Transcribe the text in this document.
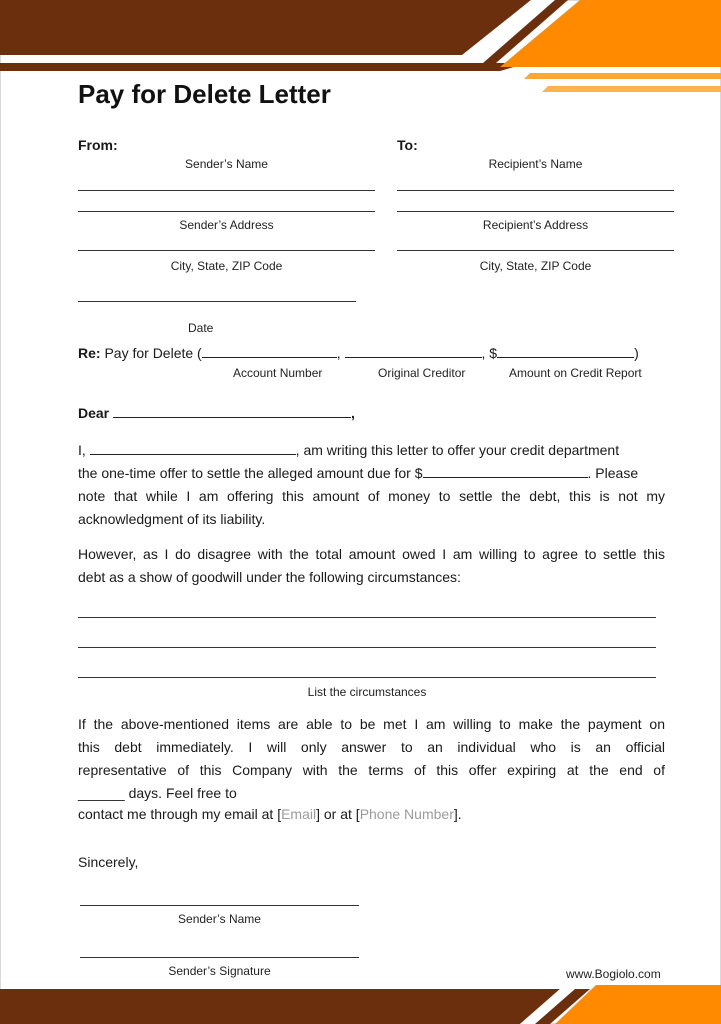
Pay for Delete Letter
From:
Sender’s Name
Sender’s Address
City, State, ZIP Code
Date
To:
Recipient’s Name
Recipient’s Address
City, State, ZIP Code
Re: Pay for Delete (	,	, $	)
Account Number	Original Creditor	Amount on Credit Report
Dear	,
I,	, am writing this letter to offer your credit department
the one-time offer to settle the alleged amount due for $	. Please
note that while I am offering this amount of money to settle the debt, this is not my
acknowledgment of its liability.
However, as I do disagree with the total amount owed I am willing to agree to settle this
debt as a show of goodwill under the following circumstances:
List the circumstances
If the above-mentioned items are able to be met I am willing to make the payment on
this debt immediately. I will only answer to an individual who is an official
representative of this Company with the terms of this offer expiring at the end of
______ days. Feel free to
contact me through my email at [Email] or at [Phone Number].
Sincerely,
Sender’s Name
Sender’s Signature	www.Bogiolo.com
